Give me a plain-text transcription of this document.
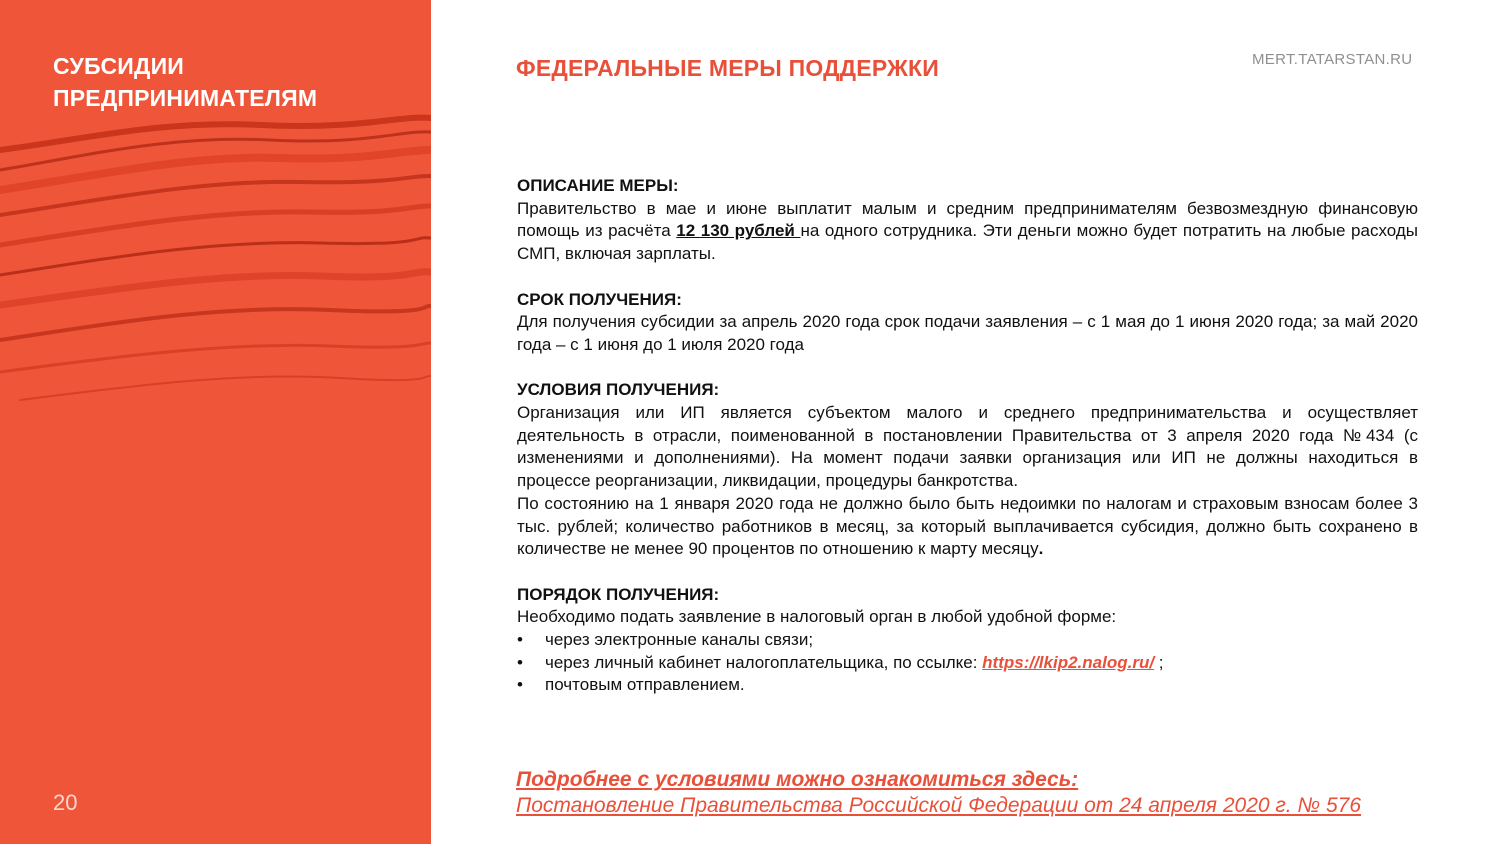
СУБСИДИИ
ПРЕДПРИНИМАТЕЛЯМ
20
ФЕДЕРАЛЬНЫЕ МЕРЫ ПОДДЕРЖКИ	MERT.TATARSTAN.RU

ОПИСАНИЕ МЕРЫ:

Правительство в мае и июне выплатит малым и средним предпринимателям безвозмездную финансовую помощь из расчёта 12 130 рублей на одного сотрудника. Эти деньги можно будет потратить на любые расходы СМП, включая зарплаты.

СРОК ПОЛУЧЕНИЯ:

Для получения субсидии за апрель 2020 года срок подачи заявления – с 1 мая до 1 июня 2020 года; за май 2020 года – с 1 июня до 1 июля 2020 года

УСЛОВИЯ ПОЛУЧЕНИЯ:

Организация или ИП является субъектом малого и среднего предпринимательства и осуществляет деятельность в отрасли, поименованной в постановлении Правительства от 3 апреля 2020 года №434 (с изменениями и дополнениями). На момент подачи заявки организация или ИП не должны находиться в процессе реорганизации, ликвидации, процедуры банкротства.

По состоянию на 1 января 2020 года не должно было быть недоимки по налогам и страховым взносам более 3 тыс. рублей; количество работников в месяц, за который выплачивается субсидия, должно быть сохранено в количестве не менее 90 процентов по отношению к марту месяцу.

ПОРЯДОК ПОЛУЧЕНИЯ:

Необходимо подать заявление в налоговый орган в любой удобной форме:

• через электронные каналы связи;
• через личный кабинет налогоплательщика, по ссылке: https://lkip2.nalog.ru/ ;
• почтовым отправлением.
Подробнее с условиями можно ознакомиться здесь:
Постановление Правительства Российской Федерации от 24 апреля 2020 г. № 576
